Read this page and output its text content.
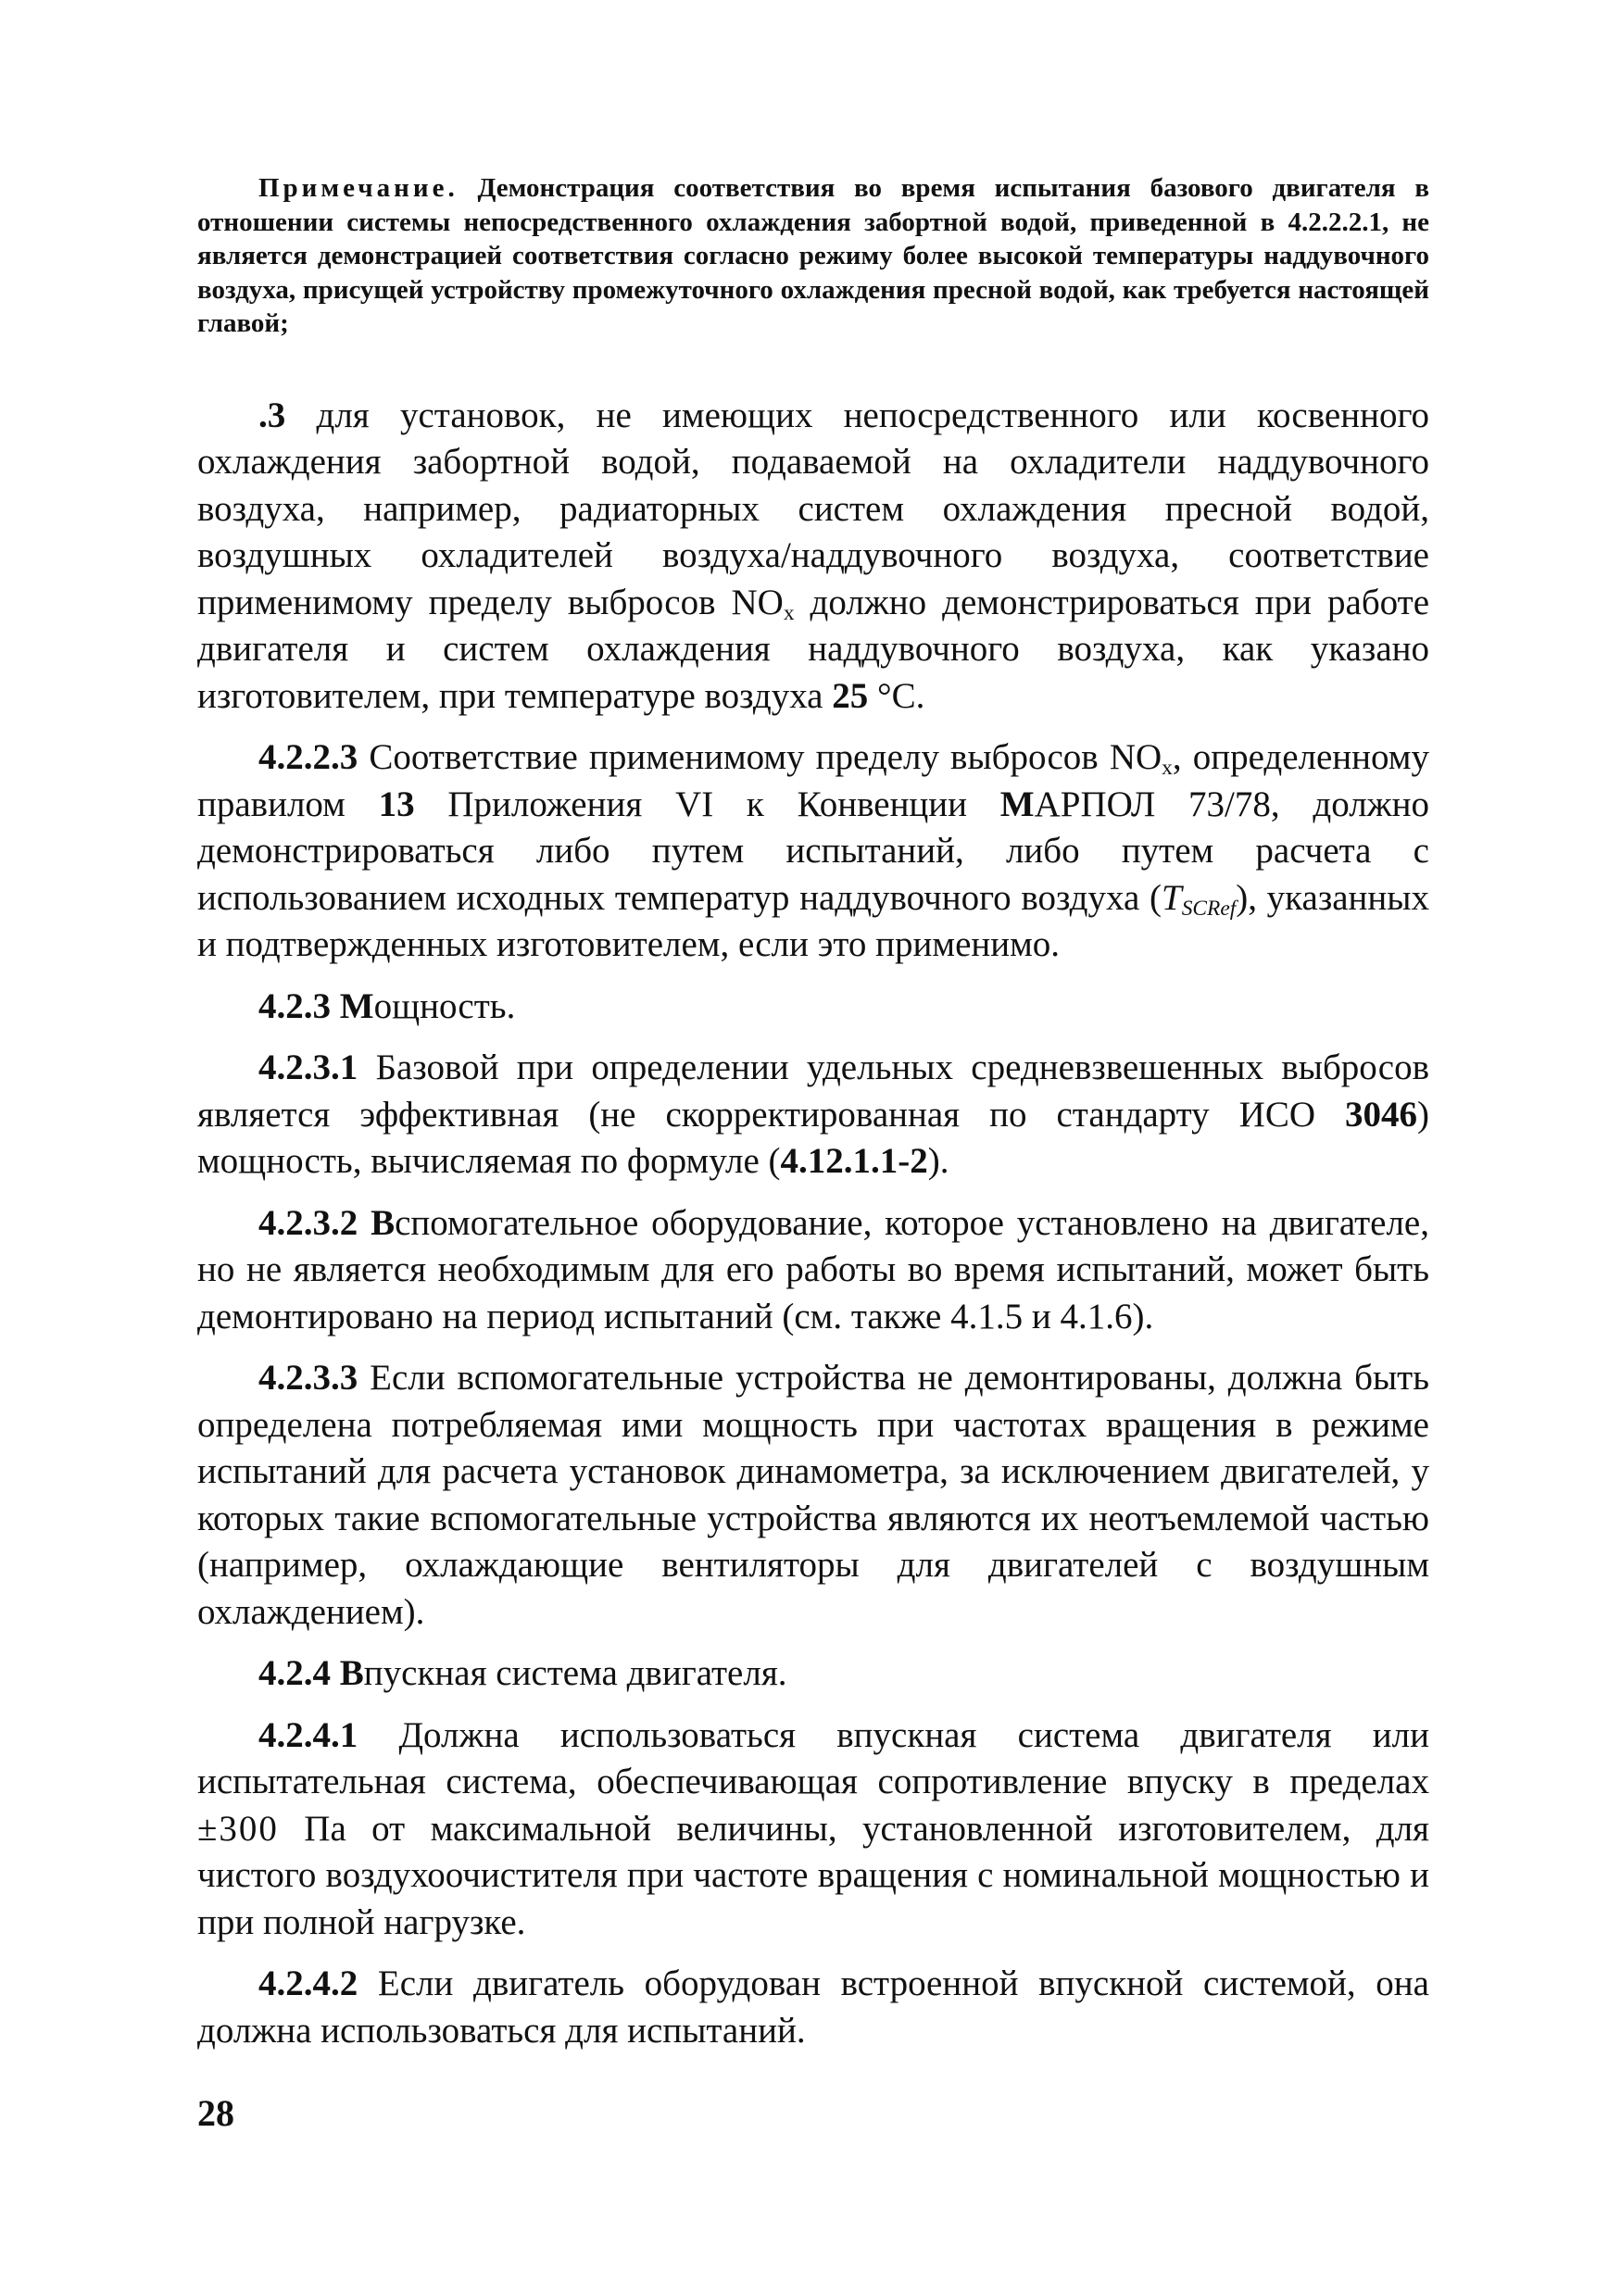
Примечание. Демонстрация соответствия во время испытания базового двигателя в отношении системы непосредственного охлаждения забортной водой, приведенной в 4.2.2.2.1, не является демонстрацией соответствия согласно режиму более высокой температуры наддувочного воздуха, присущей устройству промежуточного охлаждения пресной водой, как требуется настоящей главой;

.3 для установок, не имеющих непосредственного или косвенного охлаждения забортной водой, подаваемой на охладители наддувочного воздуха, например, радиаторных систем охлаждения пресной водой, воздушных охладителей воздуха/наддувочного воздуха, соответствие применимому пределу выбросов $NO_x$ должно демонстрироваться при работе двигателя и систем охлаждения наддувочного воздуха, как указано изготовителем, при температуре воздуха 25 °C.

4.2.2.3 Соответствие применимому пределу выбросов $NO_x$, определенному правилом 13 Приложения VI к Конвенции МАРПОЛ 73/78, должно демонстрироваться либо путем испытаний, либо путем расчета с использованием исходных температур наддувочного воздуха $(T_{SCRef})$, указанных и подтвержденных изготовителем, если это применимо.

4.2.3 Мощность.

4.2.3.1 Базовой при определении удельных средневзвешенных выбросов является эффективная (не скорректированная по стандарту ИСО 3046) мощность, вычисляемая по формуле (4.12.1.1-2).

4.2.3.2 Вспомогательное оборудование, которое установлено на двигателе, но не является необходимым для его работы во время испытаний, может быть демонтировано на период испытаний (см. также 4.1.5 и 4.1.6).

4.2.3.3 Если вспомогательные устройства не демонтированы, должна быть определена потребляемая ими мощность при частотах вращения в режиме испытаний для расчета установок динамометра, за исключением двигателей, у которых такие вспомогательные устройства являются их неотъемлемой частью (например, охлаждающие вентиляторы для двигателей с воздушным охлаждением).

4.2.4 Впускная система двигателя.

4.2.4.1 Должна использоваться впускная система двигателя или испытательная система, обеспечивающая сопротивление впуску в пределах ±300 Па от максимальной величины, установленной изготовителем, для чистого воздухоочистителя при частоте вращения с номинальной мощностью и при полной нагрузке.

4.2.4.2 Если двигатель оборудован встроенной впускной системой, она должна использоваться для испытаний.

28
